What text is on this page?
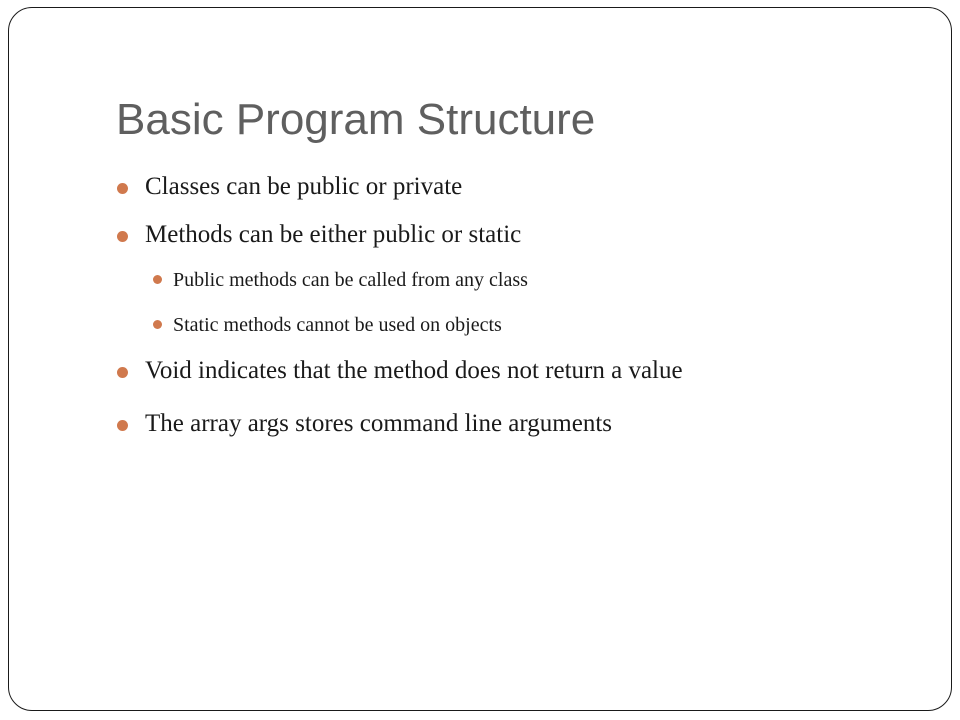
Basic Program Structure
Classes can be public or private
Methods can be either public or static
Public methods can be called from any class
Static methods cannot be used on objects
Void indicates that the method does not return a value
The array args stores command line arguments
